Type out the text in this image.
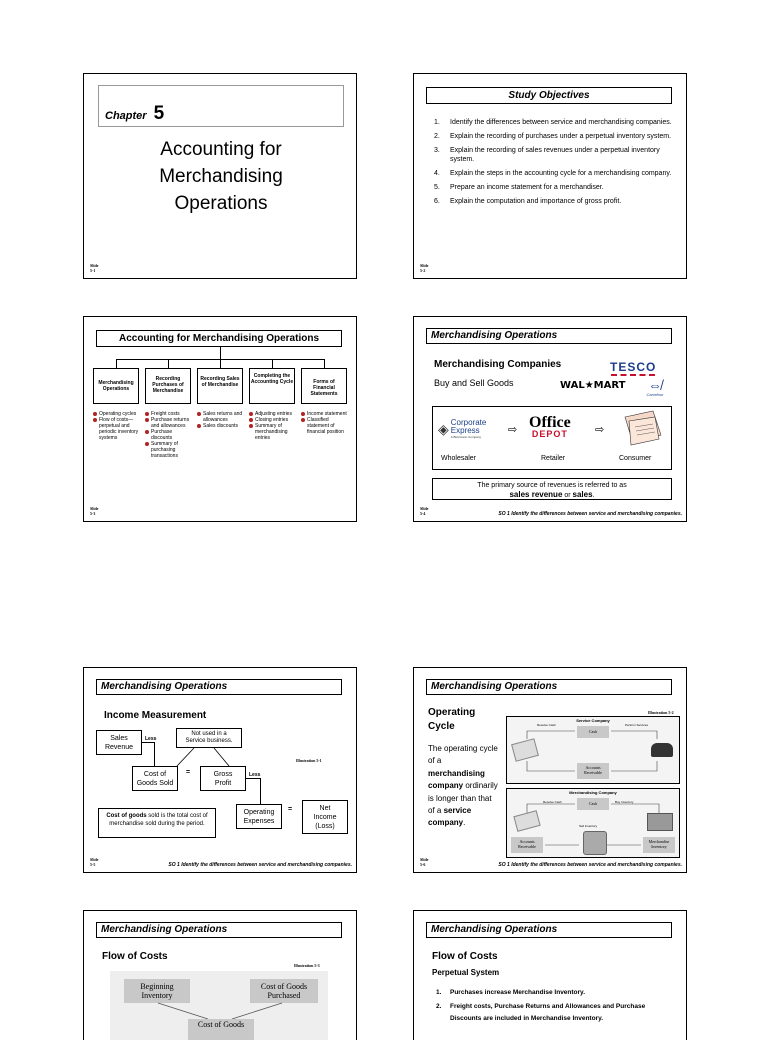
Chapter 5
Accounting for
Merchandising
Operations
Slide
5-1
Study Objectives
1.	Identify the differences between service and merchandising companies.
2.	Explain the recording of purchases under a perpetual inventory system.
3.	Explain the recording of sales revenues under a perpetual inventory system.
4.	Explain the steps in the accounting cycle for a merchandising company.
5.	Prepare an income statement for a merchandiser.
6.	Explain the computation and importance of gross profit.
Slide
5-2
Accounting for Merchandising Operations
Merchandising Operations
Recording Purchases of Merchandise
Recording Sales of Merchandise
Completing the Accounting Cycle	Forms of Financial Statements
Operating cycles
Flow of costs—perpetual and periodic inventory systems
Freight costs
Purchase returns and allowances
Purchase discounts
Summary of purchasing transactions
Sales returns and allowances
Sales discounts
Adjusting entries
Closing entries
Summary of merchandising entries
Income statement
Classified statement of financial position
Slide
5-3
Merchandising Operations
Merchandising Companies
Buy and Sell Goods
TESCO
WAL★MART	⇎
Carrefour
◈ Corporate
Express
A Buhrmann Company
⇨ Office
DEPOT ⇨
Wholesaler	Retailer	Consumer
The primary source of revenues is referred to as
sales revenue or sales.
SO 1 Identify the differences between service and merchandising companies.
Slide
5-4
Merchandising Operations
Income Measurement
Sales
Revenue
Less
Not used in a
Service business.
Cost of
Goods Sold
=	Gross
Profit
Less
Illustration 5-1
Operating
Expenses
=	Net
Income
(Loss)
Cost of goods sold is the total cost of merchandise sold during the period.
SO 1 Identify the differences between service and merchandising companies.
Slide
5-5
Merchandising Operations
Operating
Cycle
The operating cycle of a merchandising company ordinarily is longer than that of a service company.
Illustration 5-2
Service Company
Cash
Accounts
Receivable
Receive Cash	Perform Services
Merchandising Company
Cash
Receive Cash	Buy Inventory
Sell Inventory
Accounts
Receivable
Merchandise
Inventory
SO 1 Identify the differences between service and merchandising companies.
Slide
5-6
Merchandising Operations
Flow of Costs
Illustration 5-3
Beginning
Inventory
Cost of Goods
Purchased
Cost of Goods
Merchandising Operations
Flow of Costs
Perpetual System
1.	Purchases increase Merchandise Inventory.
2.	Freight costs, Purchase Returns and Allowances and Purchase Discounts are included in Merchandise Inventory.
